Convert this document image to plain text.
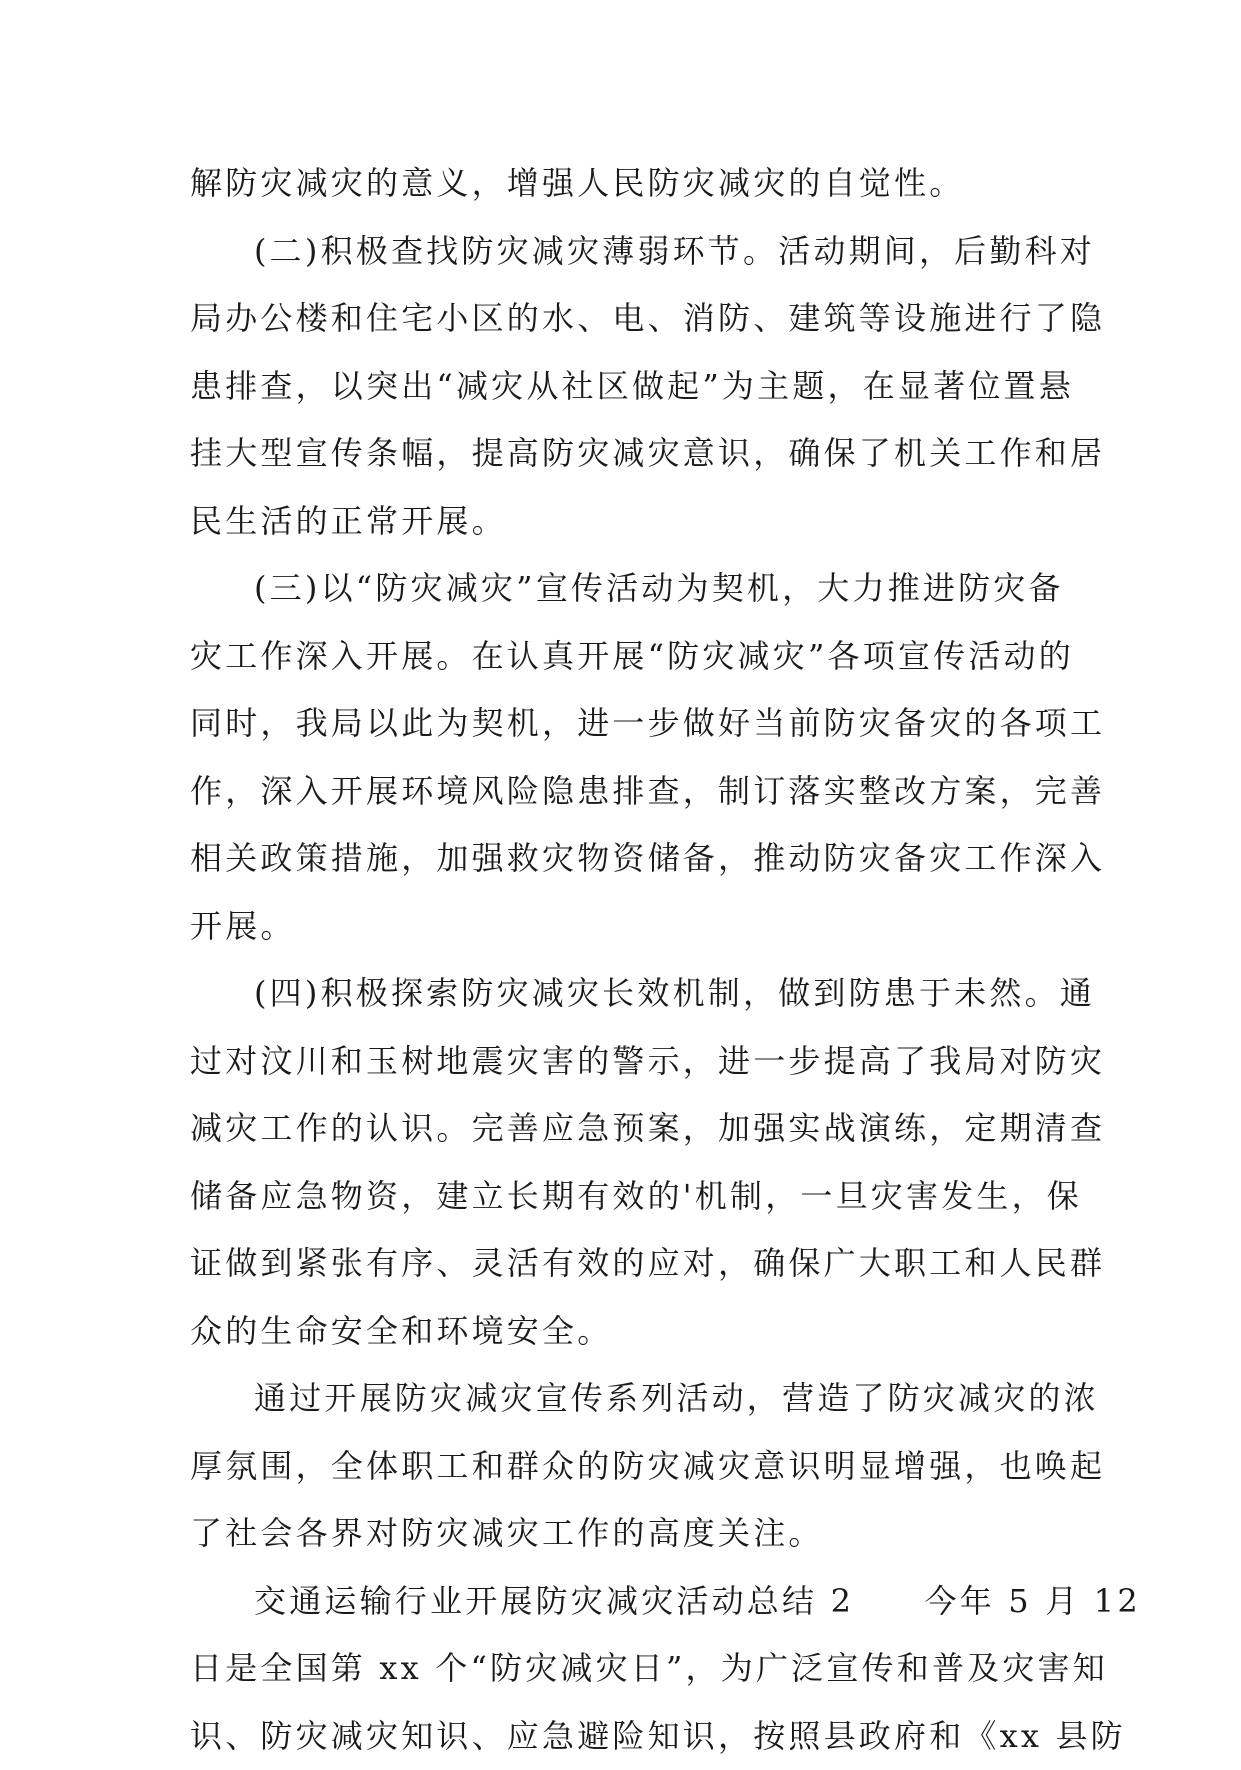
解防灾减灾的意义，增强人民防灾减灾的自觉性。
(二)积极查找防灾减灾薄弱环节。活动期间，后勤科对
局办公楼和住宅小区的水、电、消防、建筑等设施进行了隐
患排查，以突出“减灾从社区做起”为主题，在显著位置悬
挂大型宣传条幅，提高防灾减灾意识，确保了机关工作和居
民生活的正常开展。
(三)以“防灾减灾”宣传活动为契机，大力推进防灾备
灾工作深入开展。在认真开展“防灾减灾”各项宣传活动的
同时，我局以此为契机，进一步做好当前防灾备灾的各项工
作，深入开展环境风险隐患排查，制订落实整改方案，完善
相关政策措施，加强救灾物资储备，推动防灾备灾工作深入
开展。
(四)积极探索防灾减灾长效机制，做到防患于未然。通
过对汶川和玉树地震灾害的警示，进一步提高了我局对防灾
减灾工作的认识。完善应急预案，加强实战演练，定期清查
储备应急物资，建立长期有效的'机制，一旦灾害发生，保
证做到紧张有序、灵活有效的应对，确保广大职工和人民群
众的生命安全和环境安全。
通过开展防灾减灾宣传系列活动，营造了防灾减灾的浓
厚氛围，全体职工和群众的防灾减灾意识明显增强，也唤起
了社会各界对防灾减灾工作的高度关注。
交通运输行业开展防灾减灾活动总结 2　　今年 5 月 12
日是全国第 xx 个“防灾减灾日”，为广泛宣传和普及灾害知
识、防灾减灾知识、应急避险知识，按照县政府和《xx 县防
